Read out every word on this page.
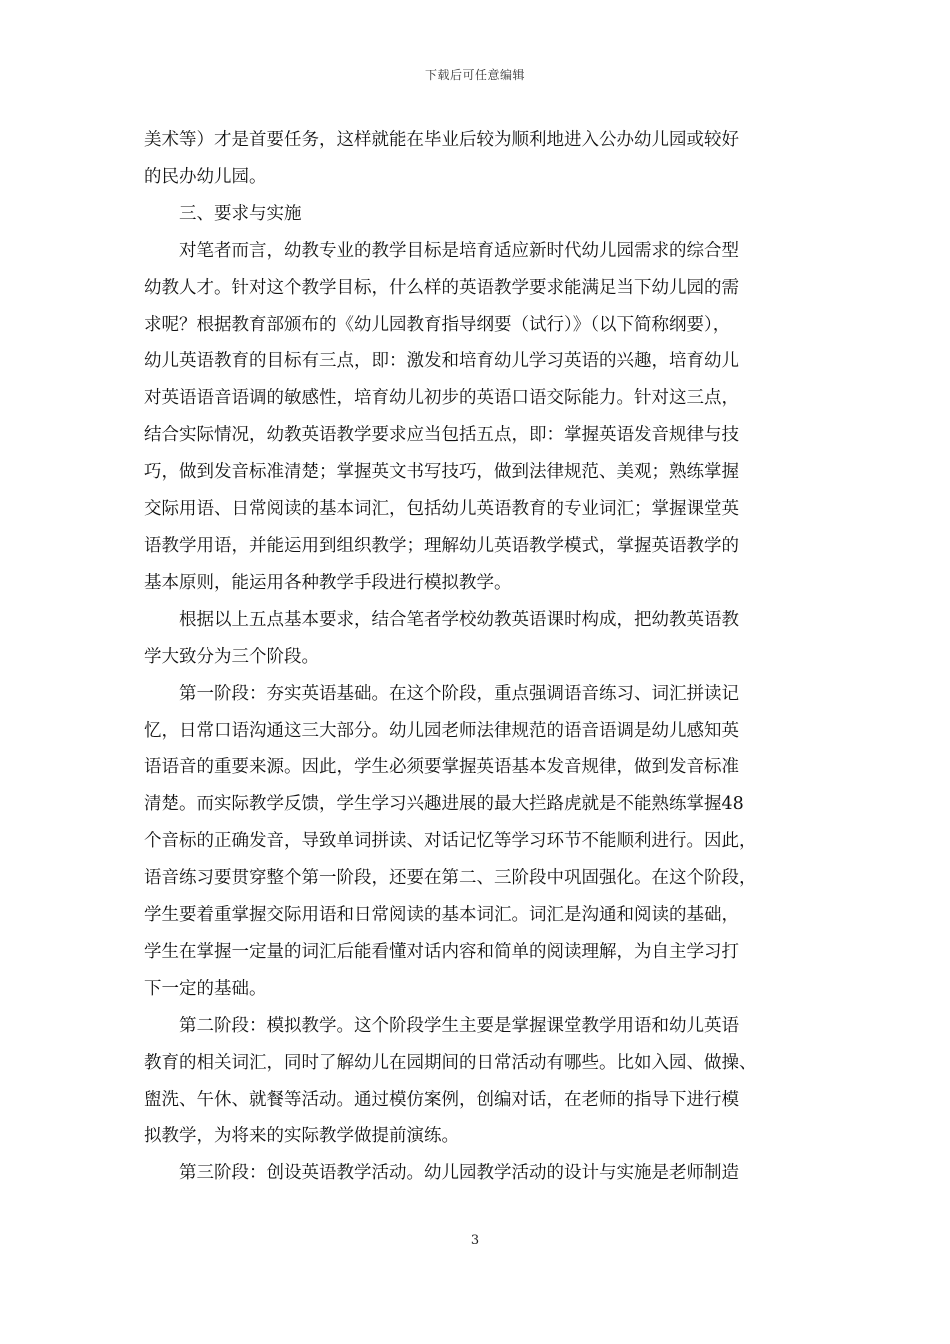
下载后可任意编辑

美术等）才是首要任务，这样就能在毕业后较为顺利地进入公办幼儿园或较好
的民办幼儿园。

三、要求与实施

对笔者而言，幼教专业的教学目标是培育适应新时代幼儿园需求的综合型
幼教人才。针对这个教学目标，什么样的英语教学要求能满足当下幼儿园的需
求呢？根据教育部颁布的《幼儿园教育指导纲要（试行）》（以下简称纲要），
幼儿英语教育的目标有三点，即：激发和培育幼儿学习英语的兴趣，培育幼儿
对英语语音语调的敏感性，培育幼儿初步的英语口语交际能力。针对这三点，
结合实际情况，幼教英语教学要求应当包括五点，即：掌握英语发音规律与技
巧，做到发音标准清楚；掌握英文书写技巧，做到法律规范、美观；熟练掌握
交际用语、日常阅读的基本词汇，包括幼儿英语教育的专业词汇；掌握课堂英
语教学用语，并能运用到组织教学；理解幼儿英语教学模式，掌握英语教学的
基本原则，能运用各种教学手段进行模拟教学。

根据以上五点基本要求，结合笔者学校幼教英语课时构成，把幼教英语教
学大致分为三个阶段。

第一阶段：夯实英语基础。在这个阶段，重点强调语音练习、词汇拼读记
忆，日常口语沟通这三大部分。幼儿园老师法律规范的语音语调是幼儿感知英
语语音的重要来源。因此，学生必须要掌握英语基本发音规律，做到发音标准
清楚。而实际教学反馈，学生学习兴趣进展的最大拦路虎就是不能熟练掌握48
个音标的正确发音，导致单词拼读、对话记忆等学习环节不能顺利进行。因此，
语音练习要贯穿整个第一阶段，还要在第二、三阶段中巩固强化。在这个阶段，
学生要着重掌握交际用语和日常阅读的基本词汇。词汇是沟通和阅读的基础，
学生在掌握一定量的词汇后能看懂对话内容和简单的阅读理解，为自主学习打
下一定的基础。

第二阶段：模拟教学。这个阶段学生主要是掌握课堂教学用语和幼儿英语
教育的相关词汇，同时了解幼儿在园期间的日常活动有哪些。比如入园、做操、
盥洗、午休、就餐等活动。通过模仿案例，创编对话，在老师的指导下进行模
拟教学，为将来的实际教学做提前演练。

第三阶段：创设英语教学活动。幼儿园教学活动的设计与实施是老师制造

3
